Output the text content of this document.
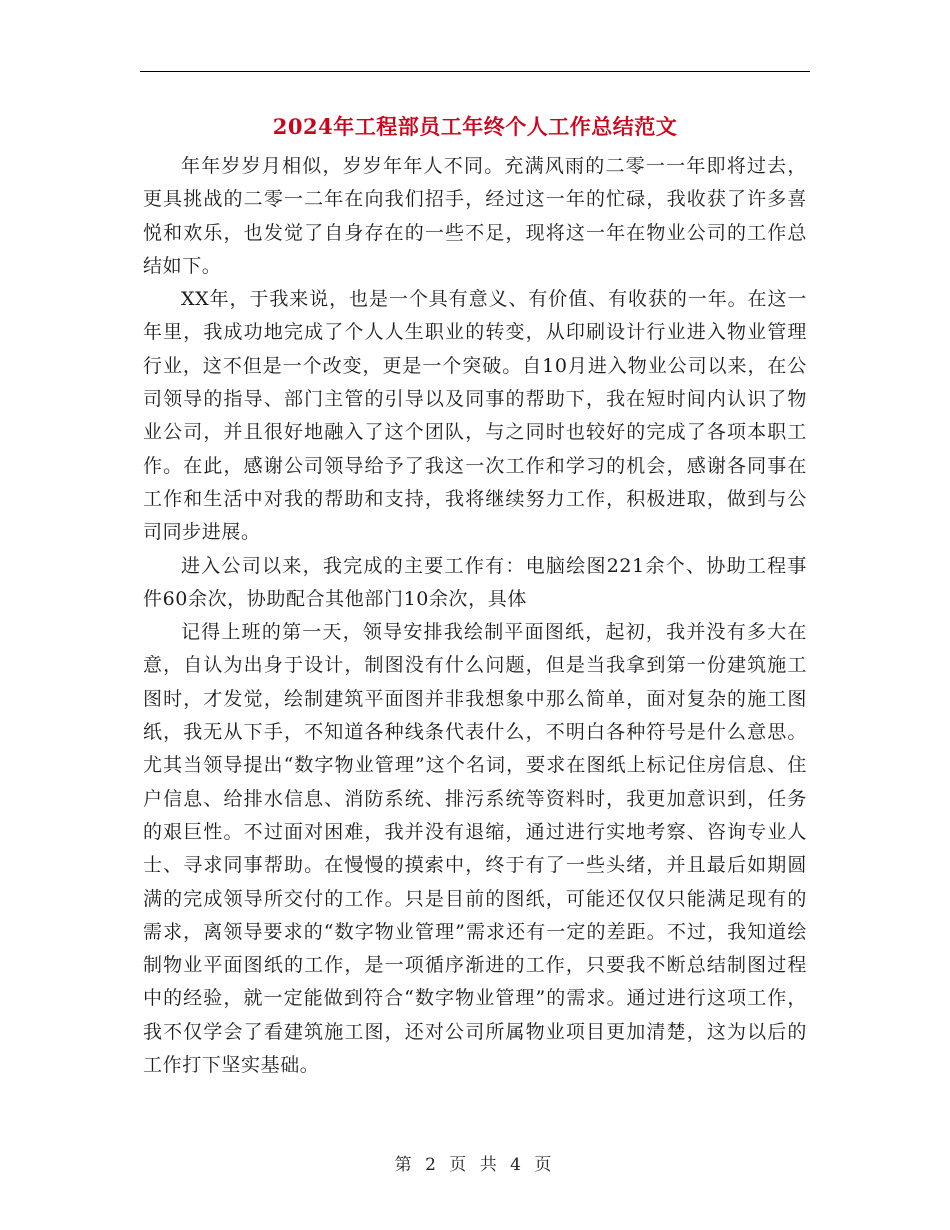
2024年工程部员工年终个人工作总结范文

年年岁岁月相似，岁岁年年人不同。充满风雨的二零一一年即将过去，更具挑战的二零一二年在向我们招手，经过这一年的忙碌，我收获了许多喜悦和欢乐，也发觉了自身存在的一些不足，现将这一年在物业公司的工作总结如下。

XX年，于我来说，也是一个具有意义、有价值、有收获的一年。在这一年里，我成功地完成了个人人生职业的转变，从印刷设计行业进入物业管理行业，这不但是一个改变，更是一个突破。自10月进入物业公司以来，在公司领导的指导、部门主管的引导以及同事的帮助下，我在短时间内认识了物业公司，并且很好地融入了这个团队，与之同时也较好的完成了各项本职工作。在此，感谢公司领导给予了我这一次工作和学习的机会，感谢各同事在工作和生活中对我的帮助和支持，我将继续努力工作，积极进取，做到与公司同步进展。

进入公司以来，我完成的主要工作有：电脑绘图221余个、协助工程事件60余次，协助配合其他部门10余次，具体

记得上班的第一天，领导安排我绘制平面图纸，起初，我并没有多大在意，自认为出身于设计，制图没有什么问题，但是当我拿到第一份建筑施工图时，才发觉，绘制建筑平面图并非我想象中那么简单，面对复杂的施工图纸，我无从下手，不知道各种线条代表什么，不明白各种符号是什么意思。尤其当领导提出“数字物业管理”这个名词，要求在图纸上标记住房信息、住户信息、给排水信息、消防系统、排污系统等资料时，我更加意识到，任务的艰巨性。不过面对困难，我并没有退缩，通过进行实地考察、咨询专业人士、寻求同事帮助。在慢慢的摸索中，终于有了一些头绪，并且最后如期圆满的完成领导所交付的工作。只是目前的图纸，可能还仅仅只能满足现有的需求，离领导要求的“数字物业管理”需求还有一定的差距。不过，我知道绘制物业平面图纸的工作，是一项循序渐进的工作，只要我不断总结制图过程中的经验，就一定能做到符合“数字物业管理”的需求。通过进行这项工作，我不仅学会了看建筑施工图，还对公司所属物业项目更加清楚，这为以后的工作打下坚实基础。

第 2 页 共 4 页
